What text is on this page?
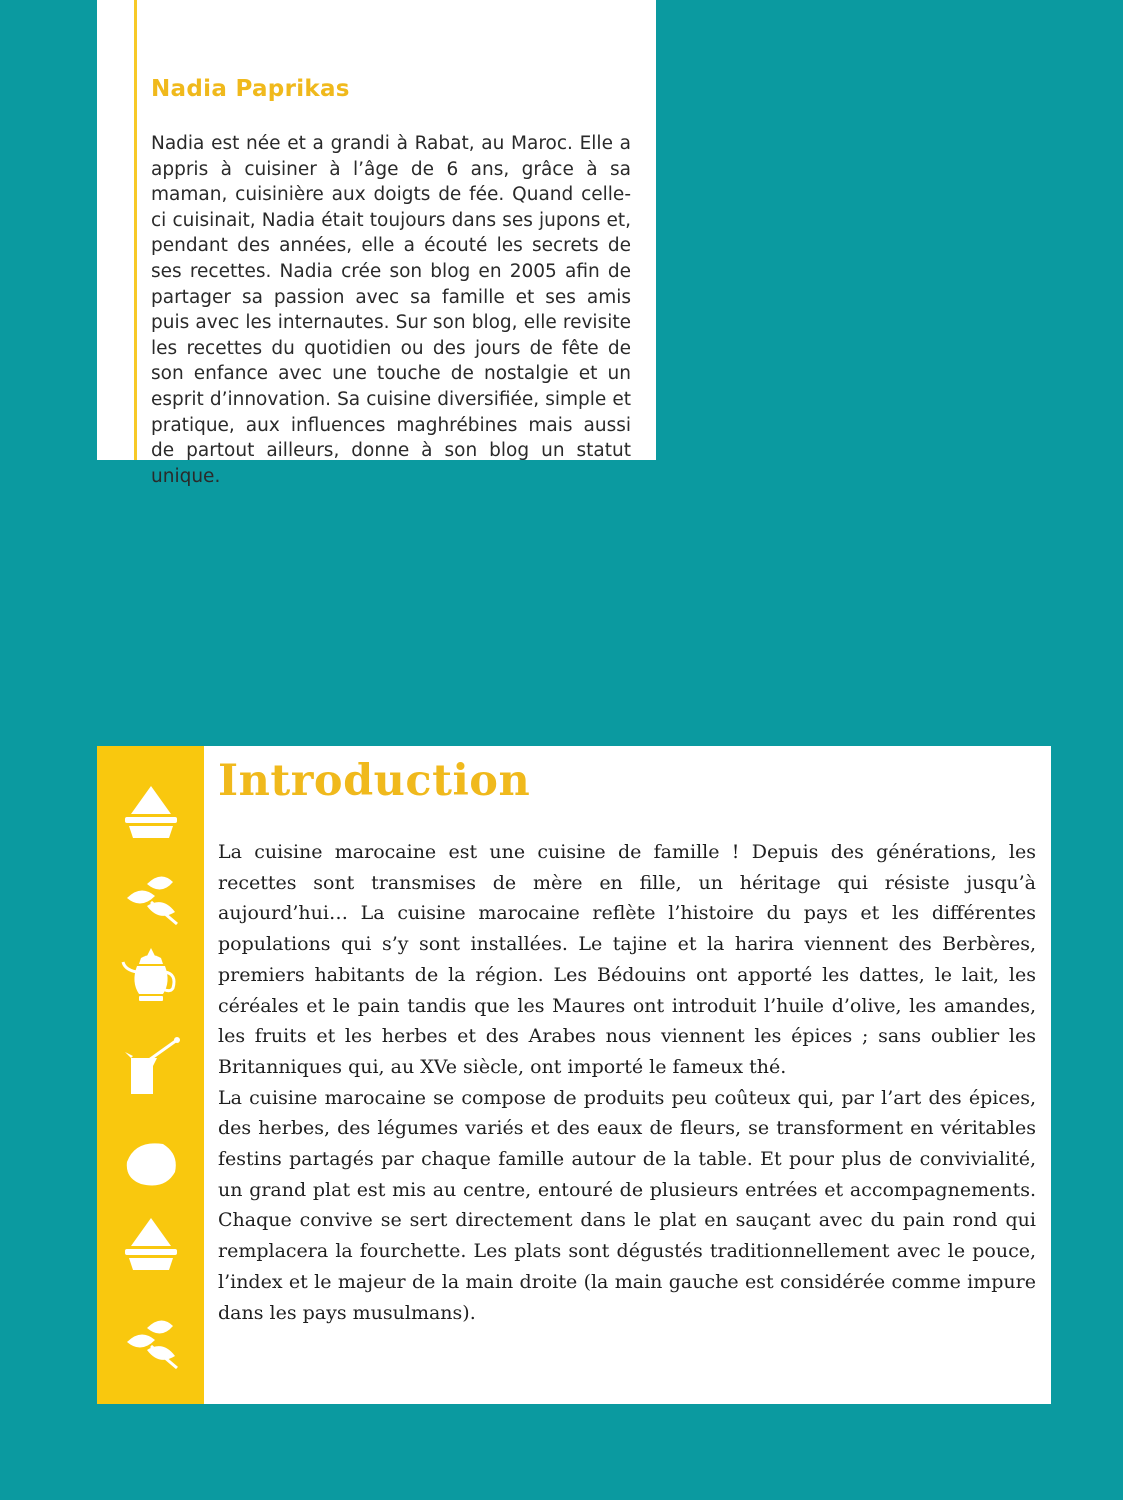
Nadia Paprikas

Nadia est née et a grandi à Rabat, au Maroc. Elle a appris à cuisiner à l’âge de 6 ans, grâce à sa maman, cuisinière aux doigts de fée. Quand celle-ci cuisinait, Nadia était toujours dans ses jupons et, pendant des années, elle a écouté les secrets de ses recettes. Nadia crée son blog en 2005 afin de partager sa passion avec sa famille et ses amis puis avec les internautes. Sur son blog, elle revisite les recettes du quotidien ou des jours de fête de son enfance avec une touche de nostalgie et un esprit d’innovation. Sa cuisine diversifiée, simple et pratique, aux influences maghrébines mais aussi de partout ailleurs, donne à son blog un statut unique.

Introduction
La cuisine marocaine est une cuisine de famille ! Depuis des générations, les recettes sont transmises de mère en fille, un héritage qui résiste jusqu’à aujourd’hui… La cuisine marocaine reflète l’histoire du pays et les différentes populations qui s’y sont installées. Le tajine et la harira viennent des Berbères, premiers habitants de la région. Les Bédouins ont apporté les dattes, le lait, les céréales et le pain tandis que les Maures ont introduit l’huile d’olive, les amandes, les fruits et les herbes et des Arabes nous viennent les épices ; sans oublier les Britanniques qui, au XVe siècle, ont importé le fameux thé.
La cuisine marocaine se compose de produits peu coûteux qui, par l’art des épices, des herbes, des légumes variés et des eaux de fleurs, se transforment en véritables festins partagés par chaque famille autour de la table. Et pour plus de convivialité, un grand plat est mis au centre, entouré de plusieurs entrées et accompagnements. Chaque convive se sert directement dans le plat en sauçant avec du pain rond qui remplacera la fourchette. Les plats sont dégustés traditionnellement avec le pouce, l’index et le majeur de la main droite (la main gauche est considérée comme impure dans les pays musulmans).
